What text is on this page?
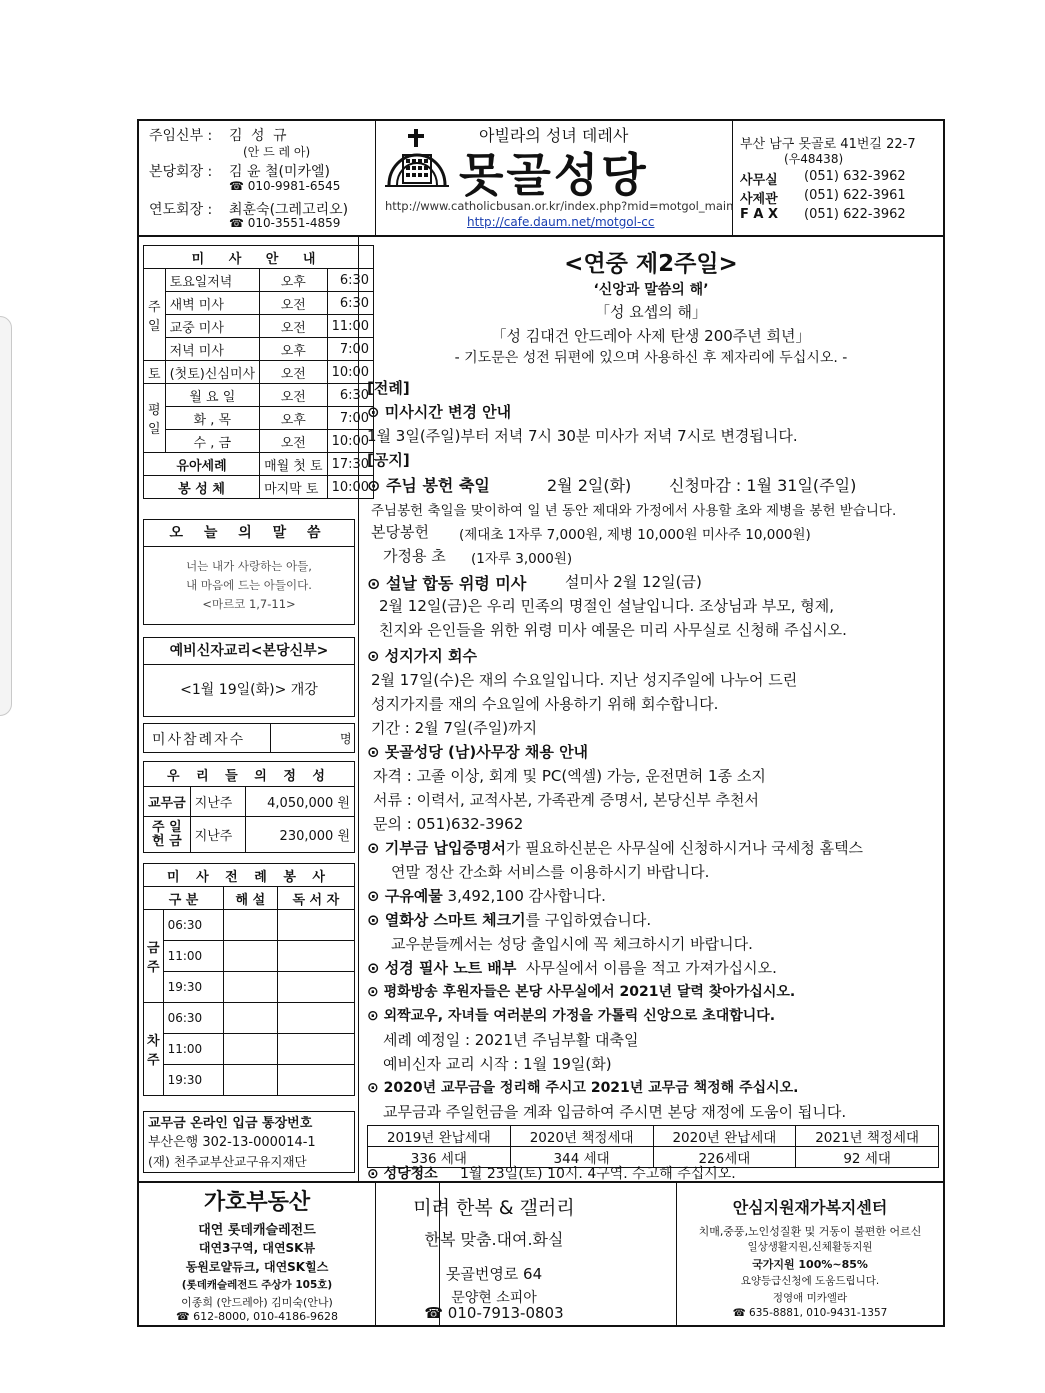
주임신부 : 김 성 규
(안 드 레 아)
본당회장 : 김 윤 철(미카엘)
☎ 010-9981-6545
연도회장 : 최훈숙(그레고리오)
☎ 010-3551-4859
아빌라의 성녀 데레사
못골성당
http://www.catholicbusan.or.kr/index.php?mid=motgol_main
http://cafe.daum.net/motgol-cc
부산 남구 못골로 41번길 22-7
(우48438)
사무실 (051) 632-3962
사제관 (051) 622-3961
F A X (051) 622-3962
미 사 안 내			
주일	토요일저녁	오후	6:30
	새벽 미사	오전	6:30
	교중 미사	오전	11:00
	저녁 미사	오후	7:00
토	(첫토)신심미사	오전	10:00
평일	월 요 일	오전	6:30
	화 , 목	오후	7:00
	수 , 금	오전	10:00
유아세례		매월 첫 토	17:30
봉 성 체		마지막 토	10:00
오 늘 의 말 씀
너는 내가 사랑하는 아들,
내 마음에 드는 아들이다.
<마르코 1,7-11>
예비신자교리<본당신부>
<1월 19일(화)> 개강
미사참례자수	명
우 리 들 의 정 성		
교무금	지난주	4,050,000 원
주 일 헌 금	지난주	230,000 원
미 사 전 례 봉 사			
구 분		해 설	독 서 자
금주	06:30		
	11:00		
	19:30		
차주	06:30		
	11:00		
	19:30		
교무금 온라인 입금 통장번호
부산은행 302-13-000014-1
(재) 천주교부산교구유지재단
<연중 제2주일>
‘신앙과 말씀의 해’
「성 요셉의 해」
「성 김대건 안드레아 사제 탄생 200주년 희년」
- 기도문은 성전 뒤편에 있으며 사용하신 후 제자리에 두십시오. -
[전례]
⊙ 미사시간 변경 안내
1월 3일(주일)부터 저녁 7시 30분 미사가 저녁 7시로 변경됩니다.
[공지]
⊙ 주님 봉헌 축일	2월 2일(화) 신청마감 : 1월 31일(주일)
주님봉헌 축일을 맞이하여 일 년 동안 제대와 가정에서 사용할 초와 제병을 봉헌 받습니다.
본당봉헌 (제대초 1자루 7,000원, 제병 10,000원 미사주 10,000원)
가정용 초 (1자루 3,000원)
⊙ 설날 합동 위령 미사	설미사 2월 12일(금)
2월 12일(금)은 우리 민족의 명절인 설날입니다. 조상님과 부모, 형제,
친지와 은인들을 위한 위령 미사 예물은 미리 사무실로 신청해 주십시오.
⊙ 성지가지 회수
2월 17일(수)은 재의 수요일입니다. 지난 성지주일에 나누어 드린
성지가지를 재의 수요일에 사용하기 위해 회수합니다.
기간 : 2월 7일(주일)까지
⊙ 못골성당 (남)사무장 채용 안내
자격 : 고졸 이상, 회계 및 PC(엑셀) 가능, 운전면허 1종 소지
서류 : 이력서, 교적사본, 가족관계 증명서, 본당신부 추천서
문의 : 051)632-3962
⊙ 기부금 납입증명서가 필요하신분은 사무실에 신청하시거나 국세청 홈텍스
연말 정산 간소화 서비스를 이용하시기 바랍니다.
⊙ 구유예물 3,492,100 감사합니다.
⊙ 열화상 스마트 체크기를 구입하였습니다.
교우분들께서는 성당 출입시에 꼭 체크하시기 바랍니다.
⊙ 성경 필사 노트 배부 사무실에서 이름을 적고 가져가십시오.
⊙ 평화방송 후원자들은 본당 사무실에서 2021년 달력 찾아가십시오.
⊙ 외짝교우, 자녀들 여러분의 가정을 가톨릭 신앙으로 초대합니다.
세례 예정일 : 2021년 주님부활 대축일
예비신자 교리 시작 : 1월 19일(화)
⊙ 2020년 교무금을 정리해 주시고 2021년 교무금 책정해 주십시오.
교무금과 주일헌금을 계좌 입금하여 주시면 본당 재정에 도움이 됩니다.
2019년 완납세대	2020년 책정세대	2020년 완납세대	2021년 책정세대
336 세대	344 세대	226세대	92 세대
⊙ 성당청소 1월 23일(토) 10시. 4구역. 수고해 주십시오.
가호부동산
대연 롯데캐슬레전드
대연3구역, 대연SK뷰
동원로얄듀크, 대연SK힐스
(롯데캐슬레전드 주상가 105호)
이종희 (안드레아) 김미숙(안나)
☎ 612-8000, 010-4186-9628
미려 한복 & 갤러리
한복 맞춤.대여.화실
못골번영로 64
문양현 소피아
☎ 010-7913-0803
안심지원재가복지센터
치매,중풍,노인성질환 및 거동이 불편한 어르신
일상생활지원,신체활동지원
국가지원 100%~85%
요양등급신청에 도움드립니다.
정영애 미카엘라
☎ 635-8881, 010-9431-1357
